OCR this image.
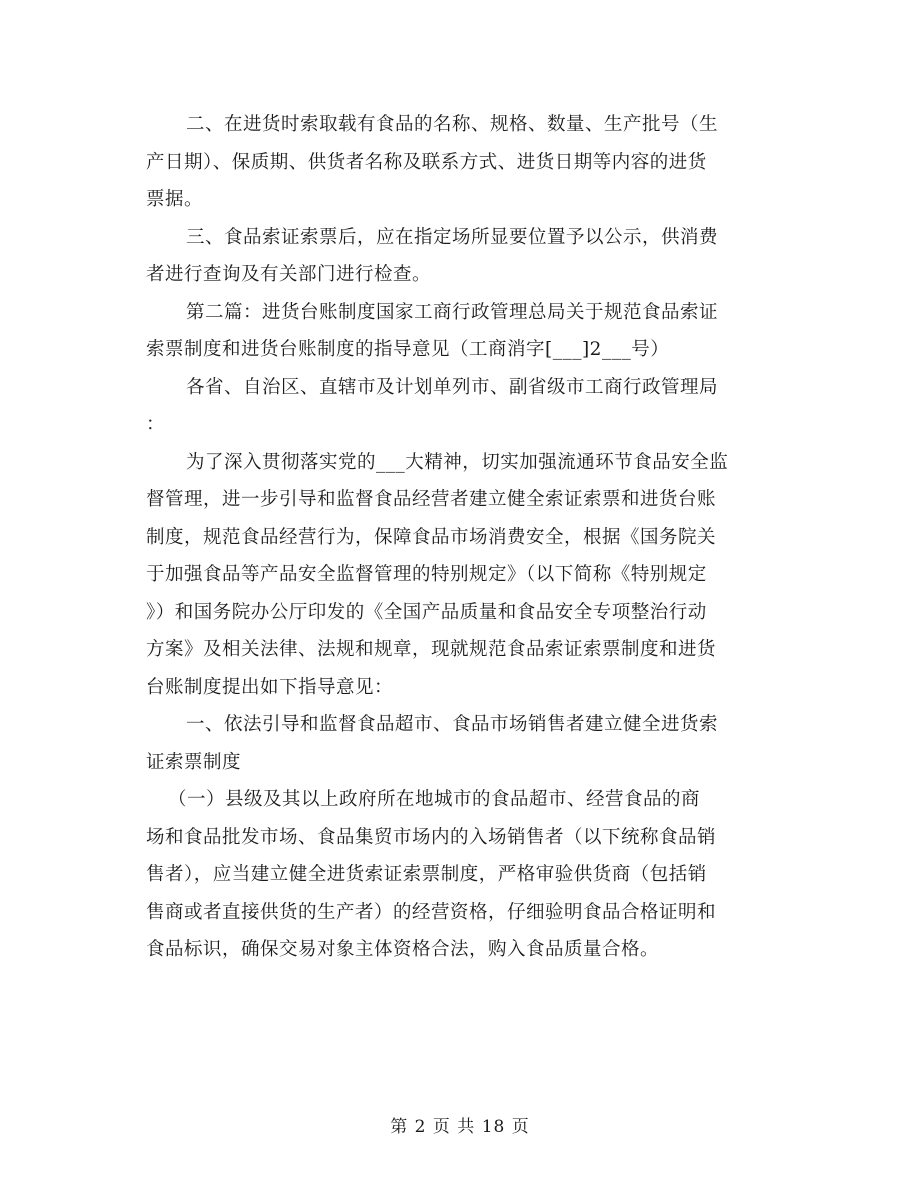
二、在进货时索取载有食品的名称、规格、数量、生产批号（生
产日期）、保质期、供货者名称及联系方式、进货日期等内容的进货
票据。
三、食品索证索票后，应在指定场所显要位置予以公示，供消费
者进行查询及有关部门进行检查。
第二篇：进货台账制度国家工商行政管理总局关于规范食品索证
索票制度和进货台账制度的指导意见（工商消字[___]2___号）
各省、自治区、直辖市及计划单列市、副省级市工商行政管理局
：
为了深入贯彻落实党的___大精神，切实加强流通环节食品安全监
督管理，进一步引导和监督食品经营者建立健全索证索票和进货台账
制度，规范食品经营行为，保障食品市场消费安全，根据《国务院关
于加强食品等产品安全监督管理的特别规定》（以下简称《特别规定
》）和国务院办公厅印发的《全国产品质量和食品安全专项整治行动
方案》及相关法律、法规和规章，现就规范食品索证索票制度和进货
台账制度提出如下指导意见：
一、依法引导和监督食品超市、食品市场销售者建立健全进货索
证索票制度
（一）县级及其以上政府所在地城市的食品超市、经营食品的商
场和食品批发市场、食品集贸市场内的入场销售者（以下统称食品销
售者），应当建立健全进货索证索票制度，严格审验供货商（包括销
售商或者直接供货的生产者）的经营资格，仔细验明食品合格证明和
食品标识，确保交易对象主体资格合法，购入食品质量合格。
第 2 页 共 18 页
